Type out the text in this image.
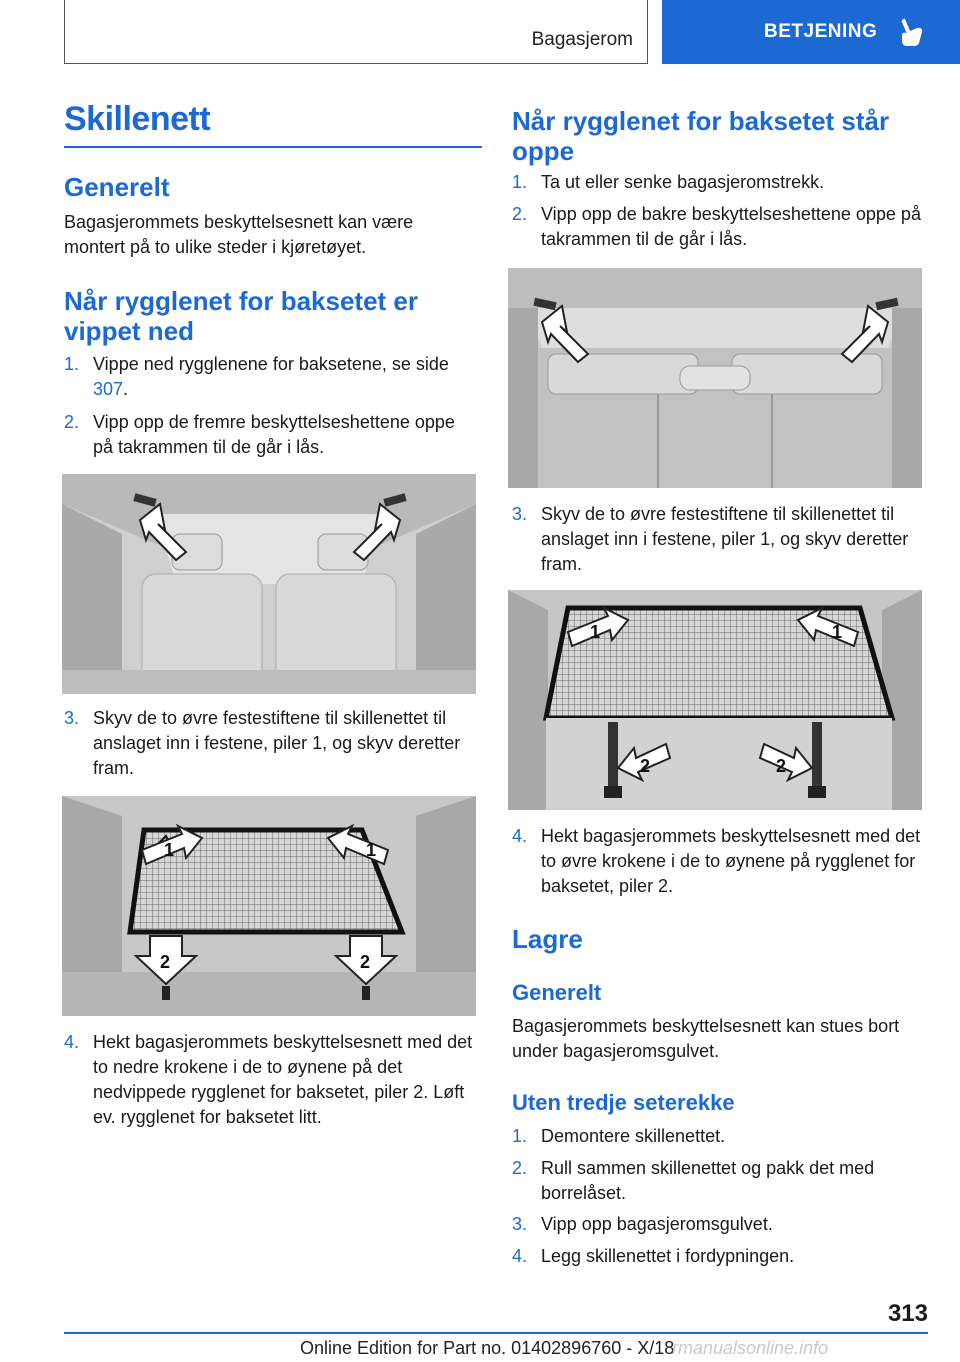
Bagasjerom	BETJENING
Skillenett

Generelt

Bagasjerommets beskyttelsesnett kan være montert på to ulike steder i kjøretøyet.

Når rygglenet for baksetet er vippet ned

1. Vippe ned rygglenene for baksetene, se side 307.
2. Vipp opp de fremre beskyttelseshettene oppe på takrammen til de går i lås.
3. Skyv de to øvre festestiftene til skillenettet til anslaget inn i festene, piler 1, og skyv deretter fram.
1	1
2	2
4. Hekt bagasjerommets beskyttelsesnett med det to nedre krokene i de to øynene på det nedvippede rygglenet for baksetet, piler 2. Løft ev. rygglenet for baksetet litt.

Når rygglenet for baksetet står oppe

1. Ta ut eller senke bagasjeromstrekk.
2. Vipp opp de bakre beskyttelseshettene oppe på takrammen til de går i lås.
3. Skyv de to øvre festestiftene til skillenettet til anslaget inn i festene, piler 1, og skyv deretter fram.
1	1
2	2
4. Hekt bagasjerommets beskyttelsesnett med det to øvre krokene i de to øynene på rygglenet for baksetet, piler 2.

Lagre

Generelt

Bagasjerommets beskyttelsesnett kan stues bort under bagasjeromsgulvet.

Uten tredje seterekke

1. Demontere skillenettet.
2. Rull sammen skillenettet og pakk det med borrelåset.
3. Vipp opp bagasjeromsgulvet.
4. Legg skillenettet i fordypningen.
313
Online Edition for Part no. 01402896760 - X/18
rmanualsonline.info
